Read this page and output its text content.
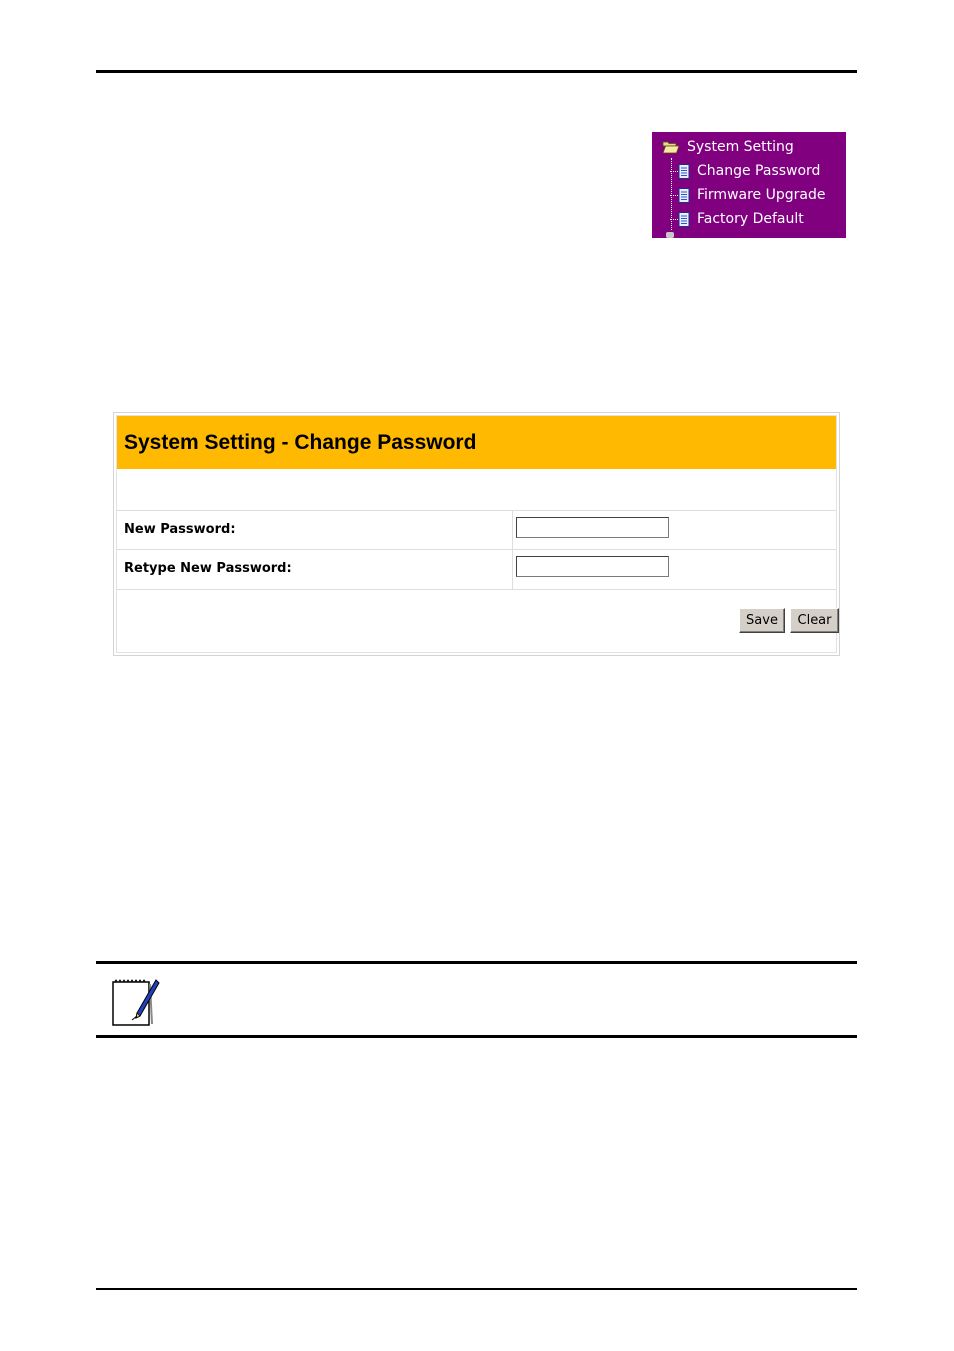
System Setting
Change Password
Firmware Upgrade
Factory Default
System Setting - Change Password
New Password:
Retype New Password:
Save	Clear
